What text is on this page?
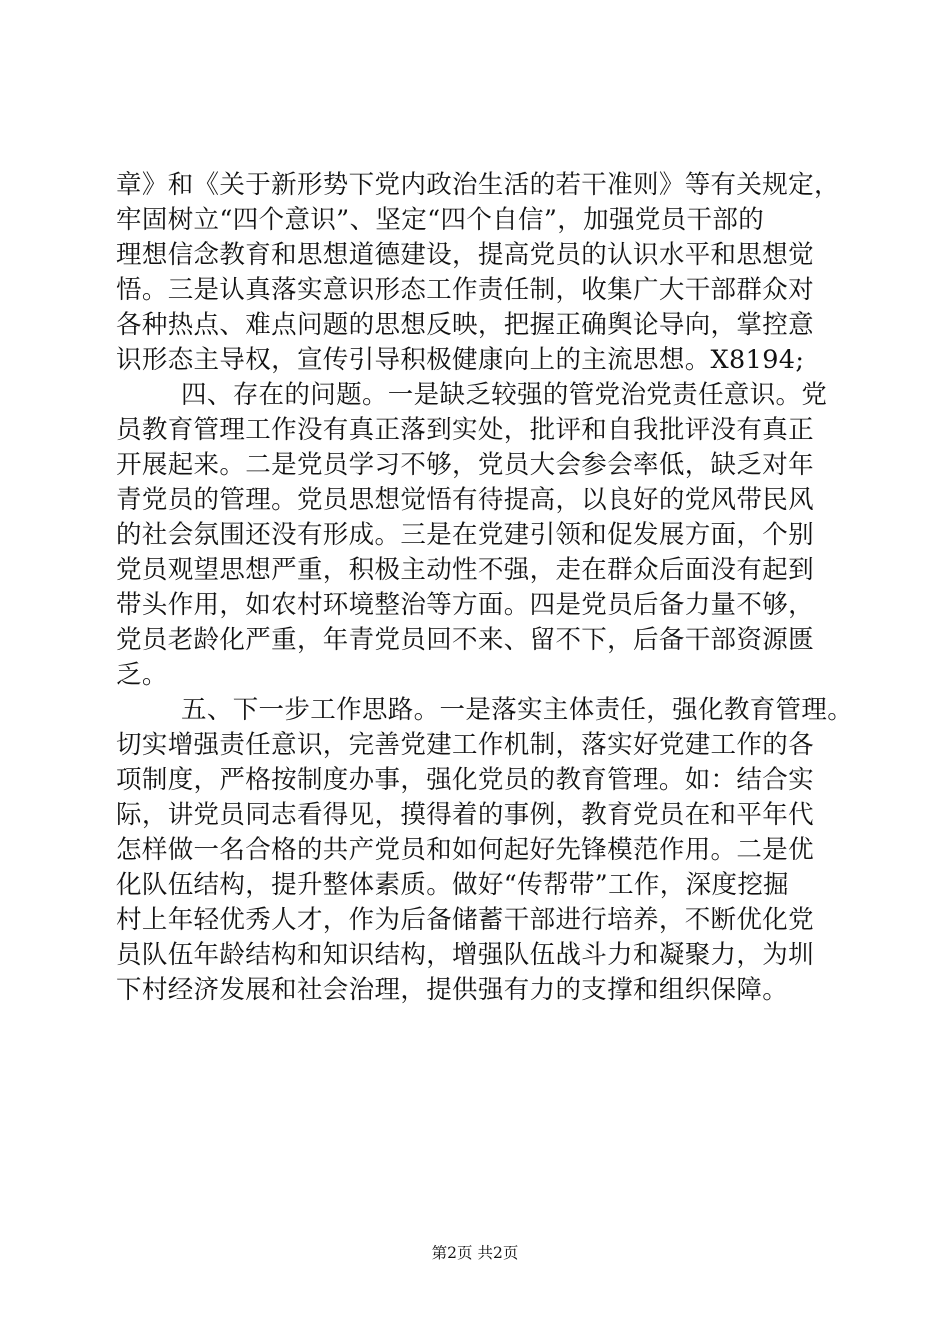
章》和《关于新形势下党内政治生活的若干准则》等有关规定，
牢固树立“四个意识”、坚定“四个自信”，加强党员干部的
理想信念教育和思想道德建设，提高党员的认识水平和思想觉
悟。三是认真落实意识形态工作责任制，收集广大干部群众对
各种热点、难点问题的思想反映，把握正确舆论导向，掌控意
识形态主导权，宣传引导积极健康向上的主流思想。X8194;
四、存在的问题。一是缺乏较强的管党治党责任意识。党
员教育管理工作没有真正落到实处，批评和自我批评没有真正
开展起来。二是党员学习不够，党员大会参会率低，缺乏对年
青党员的管理。党员思想觉悟有待提高，以良好的党风带民风
的社会氛围还没有形成。三是在党建引领和促发展方面，个别
党员观望思想严重，积极主动性不强，走在群众后面没有起到
带头作用，如农村环境整治等方面。四是党员后备力量不够，
党员老龄化严重，年青党员回不来、留不下，后备干部资源匮
乏。
五、下一步工作思路。一是落实主体责任，强化教育管理。
切实增强责任意识，完善党建工作机制，落实好党建工作的各
项制度，严格按制度办事，强化党员的教育管理。如：结合实
际，讲党员同志看得见，摸得着的事例，教育党员在和平年代
怎样做一名合格的共产党员和如何起好先锋模范作用。二是优
化队伍结构，提升整体素质。做好“传帮带”工作，深度挖掘
村上年轻优秀人才，作为后备储蓄干部进行培养，不断优化党
员队伍年龄结构和知识结构，增强队伍战斗力和凝聚力，为圳
下村经济发展和社会治理，提供强有力的支撑和组织保障。
第2页 共2页
